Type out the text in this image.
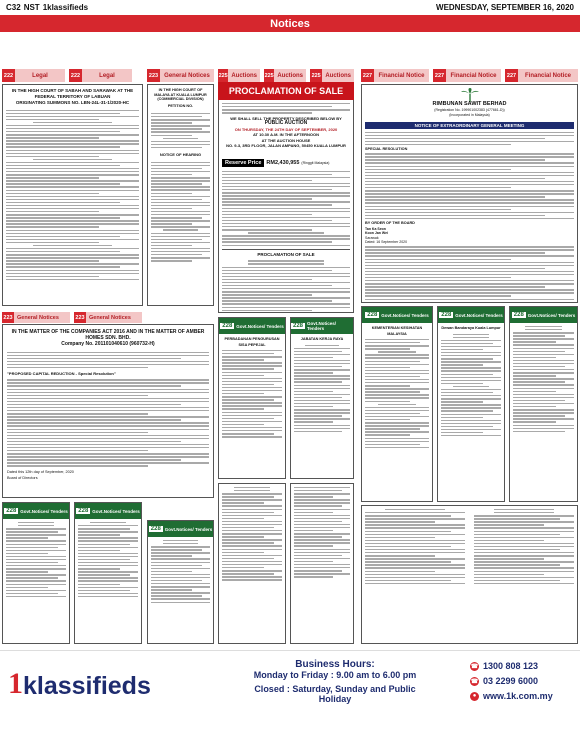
C32 NST 1klassifieds	WEDNESDAY, SEPTEMBER 16, 2020
Notices
222	Legal	222	Legal	223	General Notices	225 Auctions	225 Auctions	225 Auctions	227	Financial Notice	227	Financial Notice	227	Financial Notice
IN THE HIGH COURT OF SABAH AND SARAWAK AT THE FEDERAL TERRITORY OF LABUAN
ORIGINATING SUMMONS NO. LBN-24L-31-1/2020-HC
IN THE HIGH COURT OF MALAYA AT KUALA LUMPUR (COMMERCIAL DIVISION)
PETITION NO.
NOTICE OF HEARING
PROCLAMATION OF SALE
WE SHALL SELL THE PROPERTY DESCRIBED BELOW BY
PUBLIC AUCTION
ON THURSDAY, THE 24TH DAY OF SEPTEMBER, 2020
AT 10.30 A.M. IN THE AFTERNOON
AT THE AUCTION HOUSE
NO. 9-3, 3RD FLOOR, JALAN AMPANG, 50450 KUALA LUMPUR
Reserve Price RM2,430,955 (Ringgit Malaysia)
PROCLAMATION OF SALE
RIMBUNAN SAWIT BERHAD
(Registration No. 199901002383 (477661-D))
(Incorporated in Malaysia)
NOTICE OF EXTRAORDINARY GENERAL MEETING
SPECIAL RESOLUTION
BY ORDER OF THE BOARD
Tan Ka Seon
Koon Jan Wei
Sarawak
Dated: 16 September 2020
223 General Notices	223 General Notices
IN THE MATTER OF THE COMPANIES ACT 2016 AND IN THE MATTER OF AMBER HOMES SDN. BHD.
Company No. 201101040610 (960732-H)
"PROPOSED CAPITAL REDUCTION - Special Resolution"
Dated this 12th day of September, 2020
Board of Directors
228 Govt.Notices/ Tenders
PERBADANAN PENGURUSAN SISA PEPEJAL
228 Govt.Notices/ Tenders
JABATAN KERJA RAYA
228 Govt.Notices/ Tenders
KEMENTERIAN KESIHATAN MALAYSIA
228 Govt.Notices/ Tenders
Dewan Bandaraya Kuala Lumpur
228 Govt.Notices/ Tenders
228 Govt.Notices/ Tenders	228 Govt.Notices/ Tenders
228 Govt.Notices/ Tenders
1 klassifieds
Business Hours:
Monday to Friday : 9.00 am to 6.00 pm
Closed : Saturday, Sunday and Public Holiday
☎ 1300 808 123
☎ 03 2299 6000
● www.1k.com.my
